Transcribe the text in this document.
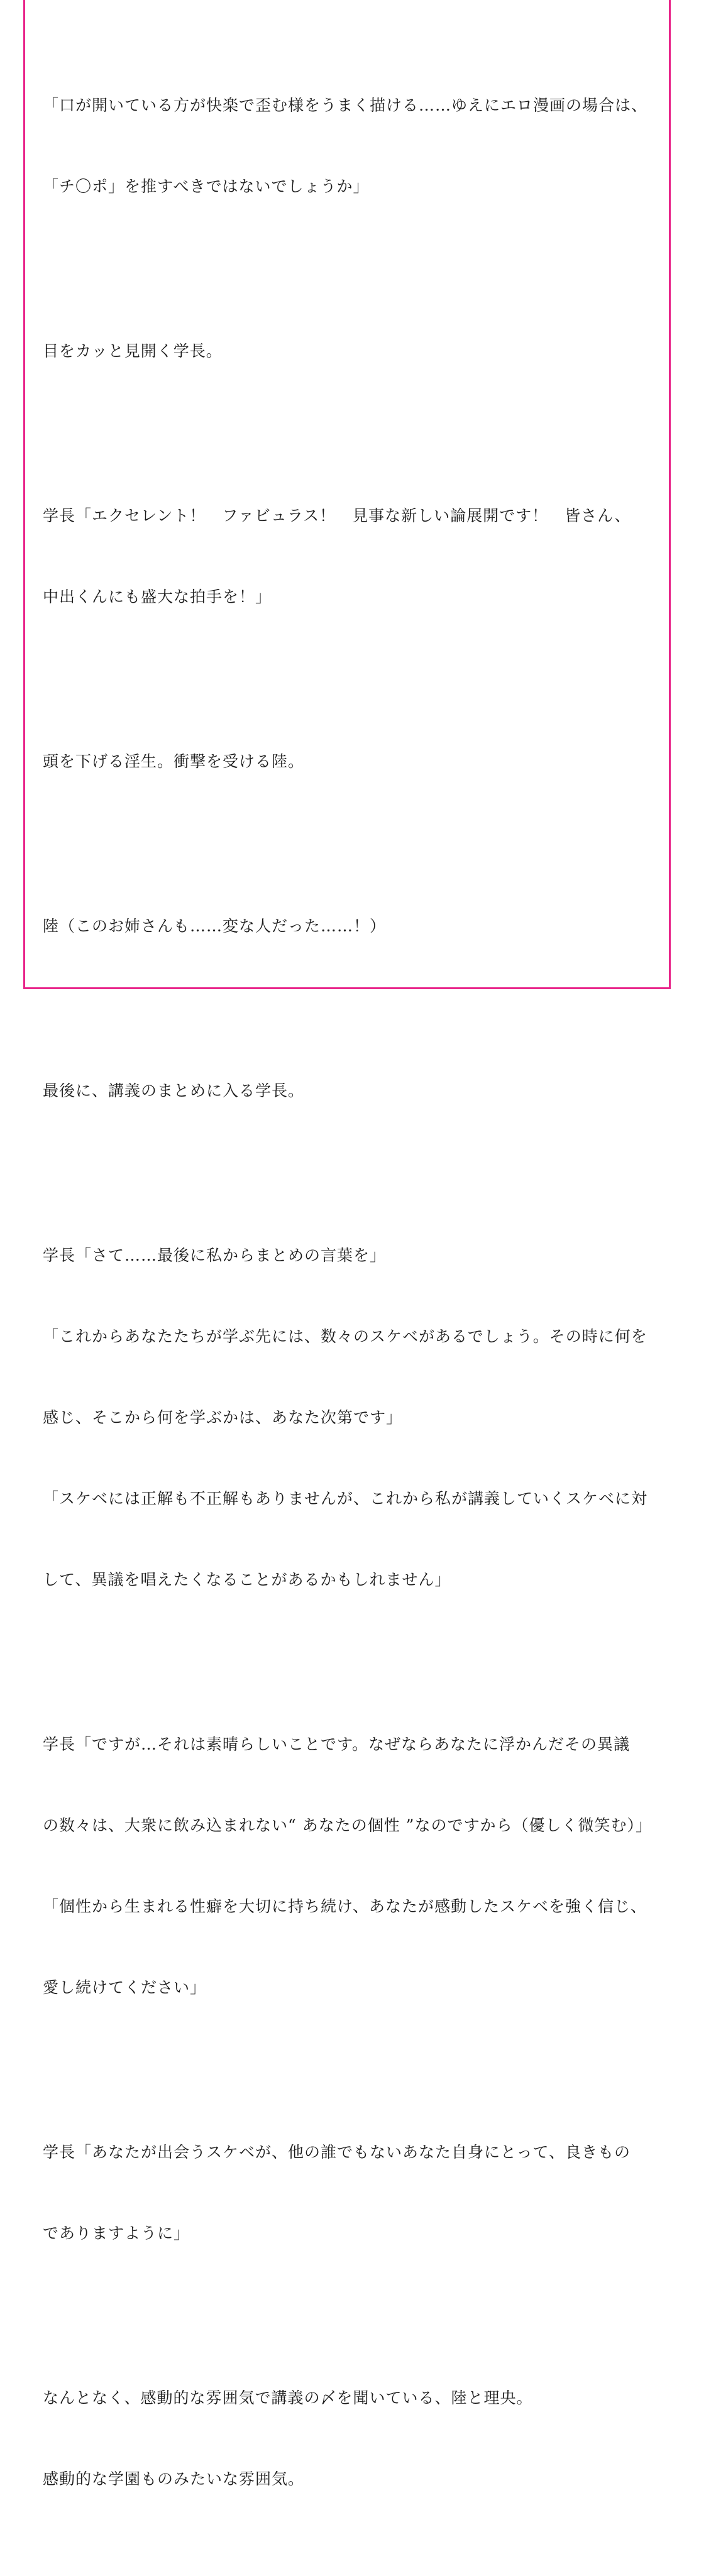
「口が開いている方が快楽で歪む様をうまく描ける……ゆえにエロ漫画の場合は、

「チ〇ポ」を推すべきではないでしょうか」

目をカッと見開く学長。

学長「エクセレント！　ファビュラス！　見事な新しい論展開です！　皆さん、

中出くんにも盛大な拍手を！」

頭を下げる淫生。衝撃を受ける陸。

陸（このお姉さんも……変な人だった……！）

最後に、講義のまとめに入る学長。

学長「さて……最後に私からまとめの言葉を」

「これからあなたたちが学ぶ先には、数々のスケベがあるでしょう。その時に何を

感じ、そこから何を学ぶかは、あなた次第です」

「スケベには正解も不正解もありませんが、これから私が講義していくスケベに対

して、異議を唱えたくなることがあるかもしれません」

学長「ですが…それは素晴らしいことです。なぜならあなたに浮かんだその異議

の数々は、大衆に飲み込まれない“ あなたの個性 ”なのですから（優しく微笑む）」

「個性から生まれる性癖を大切に持ち続け、あなたが感動したスケベを強く信じ、

愛し続けてください」

学長「あなたが出会うスケベが、他の誰でもないあなた自身にとって、良きもの

でありますように」

なんとなく、感動的な雰囲気で講義の〆を聞いている、陸と理央。

感動的な学園ものみたいな雰囲気。
